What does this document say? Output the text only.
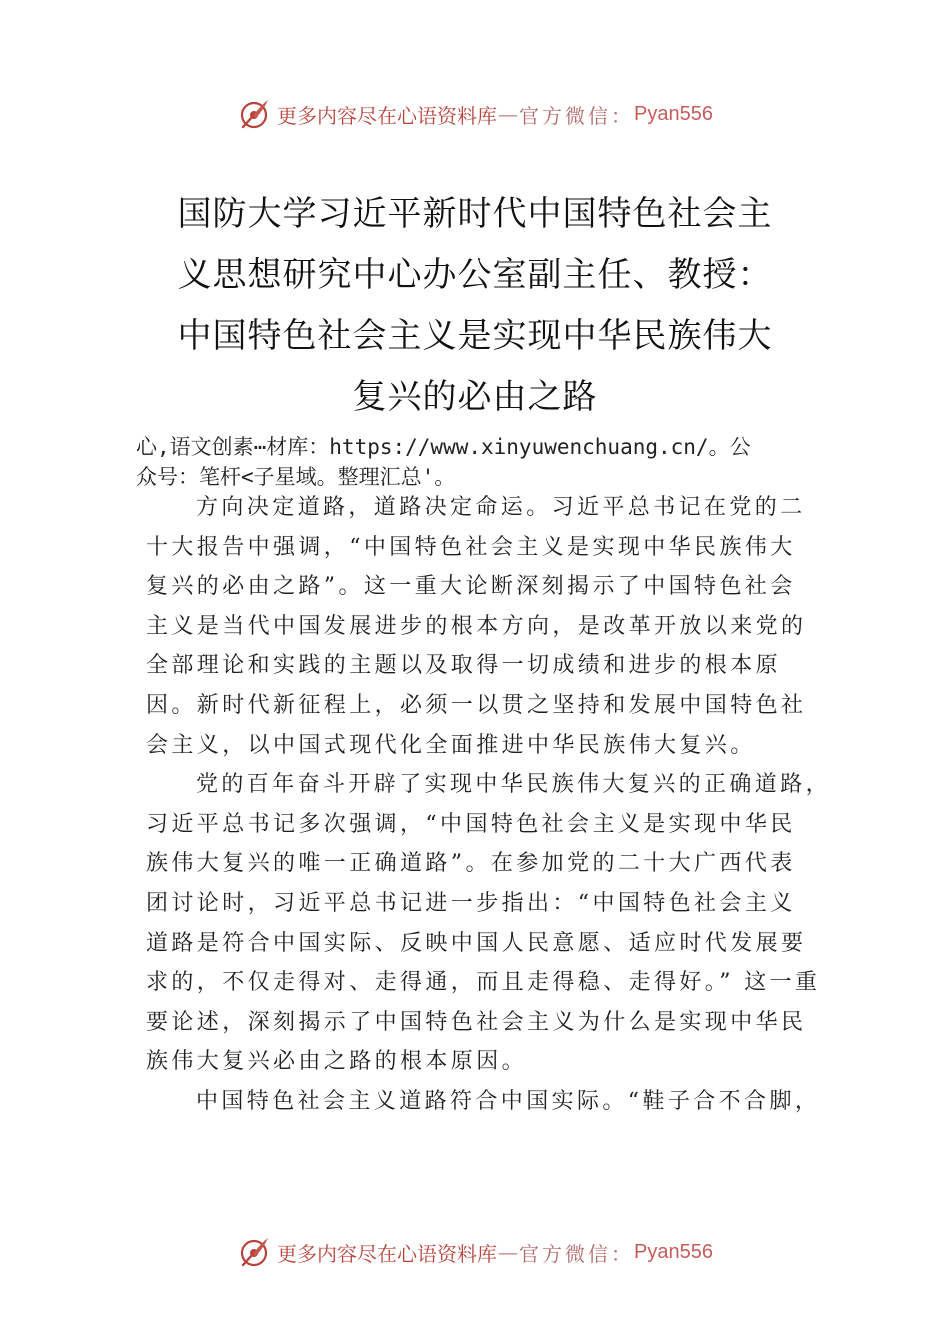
更多内容尽在心语资料库 — 官方微信： Pyan556
国防大学习近平新时代中国特色社会主
义思想研究中心办公室副主任、教授：
中国特色社会主义是实现中华民族伟大
复兴的必由之路
心,语文创素⋯材库：https://www.xinyuwenchuang.cn/。公
众号：笔杆<子星域。整理汇总'。
方向决定道路，道路决定命运。习近平总书记在党的二
十大报告中强调，“中国特色社会主义是实现中华民族伟大
复兴的必由之路”。这一重大论断深刻揭示了中国特色社会
主义是当代中国发展进步的根本方向，是改革开放以来党的
全部理论和实践的主题以及取得一切成绩和进步的根本原
因。新时代新征程上，必须一以贯之坚持和发展中国特色社
会主义，以中国式现代化全面推进中华民族伟大复兴。
党的百年奋斗开辟了实现中华民族伟大复兴的正确道路，
习近平总书记多次强调，“中国特色社会主义是实现中华民
族伟大复兴的唯一正确道路”。在参加党的二十大广西代表
团讨论时，习近平总书记进一步指出：“中国特色社会主义
道路是符合中国实际、反映中国人民意愿、适应时代发展要
求的，不仅走得对、走得通，而且走得稳、走得好。” 这一重
要论述，深刻揭示了中国特色社会主义为什么是实现中华民
族伟大复兴必由之路的根本原因。
中国特色社会主义道路符合中国实际。“鞋子合不合脚，
更多内容尽在心语资料库 — 官方微信： Pyan556
